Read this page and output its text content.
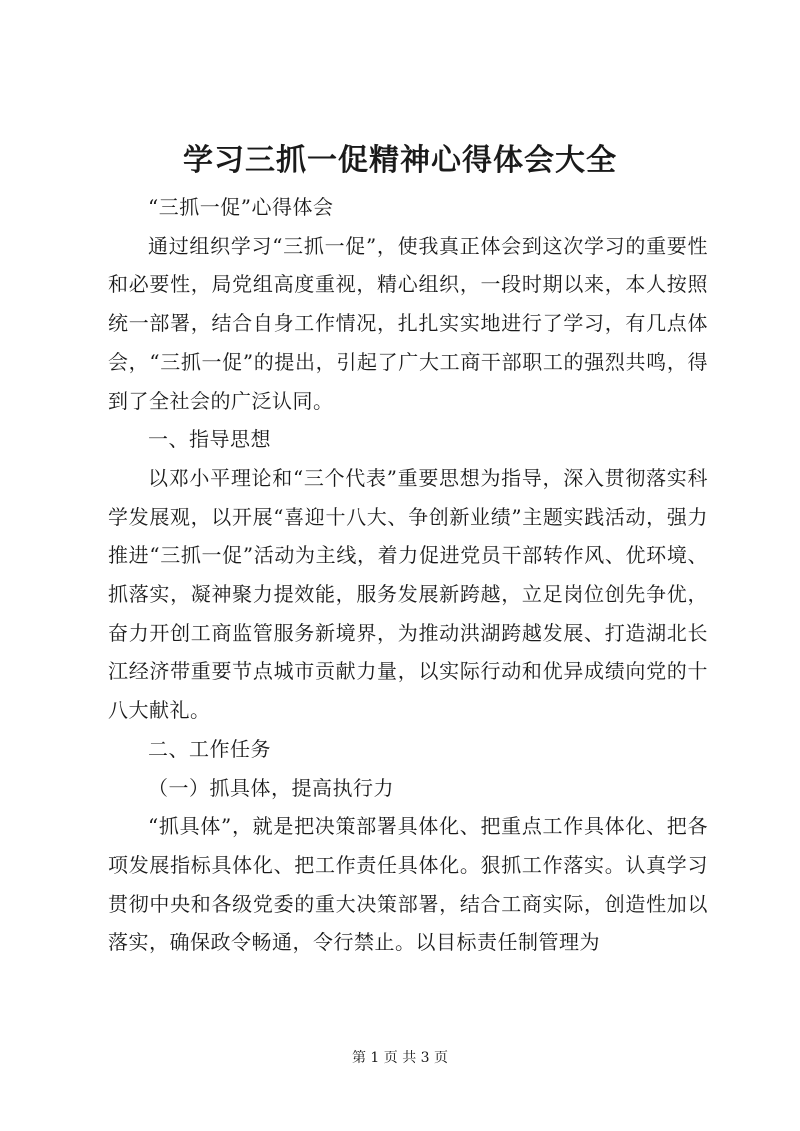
学习三抓一促精神心得体会大全

“三抓一促”心得体会

通过组织学习“三抓一促”，使我真正体会到这次学习的重要性和必要性，局党组高度重视，精心组织，一段时期以来，本人按照统一部署，结合自身工作情况，扎扎实实地进行了学习，有几点体会，“三抓一促”的提出，引起了广大工商干部职工的强烈共鸣，得到了全社会的广泛认同。

一、指导思想

以邓小平理论和“三个代表”重要思想为指导，深入贯彻落实科学发展观，以开展“喜迎十八大、争创新业绩”主题实践活动，强力推进“三抓一促”活动为主线，着力促进党员干部转作风、优环境、抓落实，凝神聚力提效能，服务发展新跨越，立足岗位创先争优，奋力开创工商监管服务新境界，为推动洪湖跨越发展、打造湖北长江经济带重要节点城市贡献力量，以实际行动和优异成绩向党的十八大献礼。

二、工作任务

（一）抓具体，提高执行力

“抓具体”，就是把决策部署具体化、把重点工作具体化、把各项发展指标具体化、把工作责任具体化。狠抓工作落实。认真学习贯彻中央和各级党委的重大决策部署，结合工商实际，创造性加以落实，确保政令畅通，令行禁止。以目标责任制管理为

第 1 页 共 3 页
